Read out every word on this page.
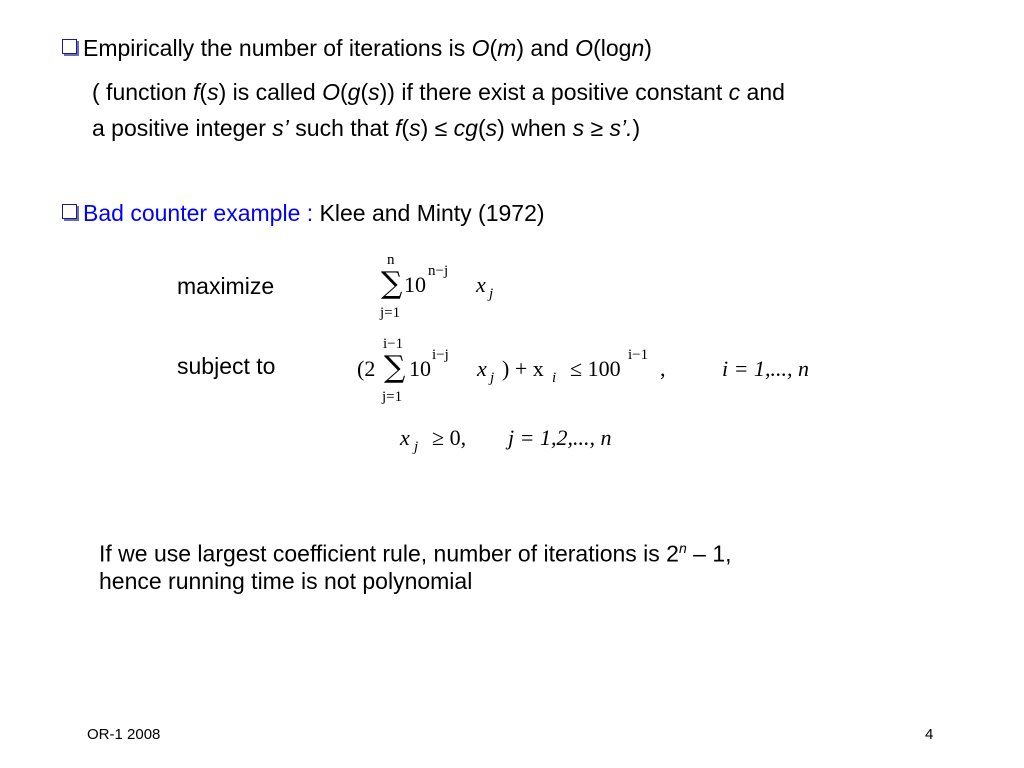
Empirically the number of iterations is O(m) and O(logn)
( function f(s) is called O(g(s)) if there exist a positive constant c and
a positive integer s’ such that f(s) ≤ cg(s) when s ≥ s’.)
Bad counter example : Klee and Minty (1972)
maximize
subject to
n
∑
j=1
10
n−j
x j
(2
i−1
∑
j=1
10
i−j
x j ) + x i ≤ 100
i−1
,	i = 1,..., n
x j ≥ 0, j = 1,2,..., n
If we use largest coefficient rule, number of iterations is 2$^n$ – 1,
hence running time is not polynomial
OR-1 2008	4
